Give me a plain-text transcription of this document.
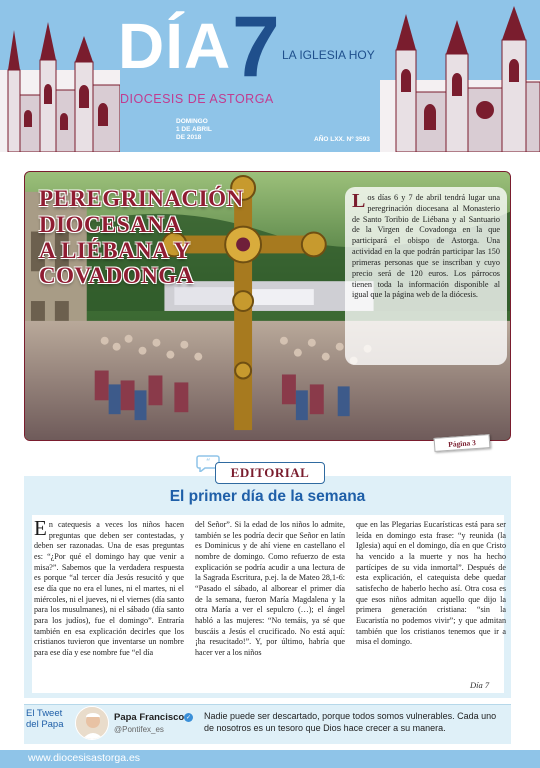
DÍA 7 LA IGLESIA HOY
DIOCESIS DE ASTORGA
DOMINGO
1 DE ABRIL
DE 2018	AÑO LXX. Nº 3593
PEREGRINACIÓN
DIOCESANA
A LIÉBANA Y
COVADONGA
Los días 6 y 7 de abril tendrá lugar una peregrinación diocesana al Monasterio de Santo Toribio de Liébana y al Santuario de la Virgen de Covadonga en la que participará el obispo de Astorga. Una actividad en la que podrán participar las 150 primeras personas que se inscriban y cuyo precio será de 120 euros. Los párrocos tienen toda la información disponible al igual que la página web de la diócesis.
Página 3
“
EDITORIAL
El primer día de la semana
En catequesis a veces los niños hacen preguntas que deben ser contestadas, y deben ser razonadas. Una de esas preguntas es: “¿Por qué el domingo hay que venir a misa?”. Sabemos que la verdadera respuesta es porque “al tercer día Jesús resucitó y que ese día que no era el lunes, ni el martes, ni el miércoles, ni el jueves, ni el viernes (día santo para los musulmanes), ni el sábado (día santo para los judíos), fue el domingo”. Entraría también en esa explicación decirles que los cristianos tuvieron que inventarse un nombre para ese día y ese nombre fue “el día
del Señor”. Si la edad de los niños lo admite, también se les podría decir que Señor en latín es Dominicus y de ahí viene en castellano el nombre de domingo. Como refuerzo de esta explicación se podría acudir a una lectura de la Sagrada Escritura, p.ej. la de Mateo 28,1-6: “Pasado el sábado, al alborear el primer día de la semana, fueron María Magdalena y la otra María a ver el sepulcro (…); el ángel habló a las mujeres: “No temáis, ya sé que buscáis a Jesús el crucificado. No está aquí: ¡ha resucitado!”. Y, por último, habría que hacer ver a los niños
que en las Plegarias Eucarísticas está para ser leída en domingo esta frase: “y reunida (la Iglesia) aquí en el domingo, día en que Cristo ha vencido a la muerte y nos ha hecho partícipes de su vida inmortal”. Después de esta explicación, el catequista debe quedar satisfecho de haberlo hecho así. Otra cosa es que esos niños admitan aquello que dijo la primera generación cristiana: “sin la Eucaristía no podemos vivir”; y que admitan también que los cristianos tenemos que ir a misa el domingo.
Día 7
El Tweet del Papa
Papa Francisco ✓
@Pontifex_es
Nadie puede ser descartado, porque todos somos vulnerables. Cada uno de nosotros es un tesoro que Dios hace crecer a su manera.
www.diocesisastorga.es
